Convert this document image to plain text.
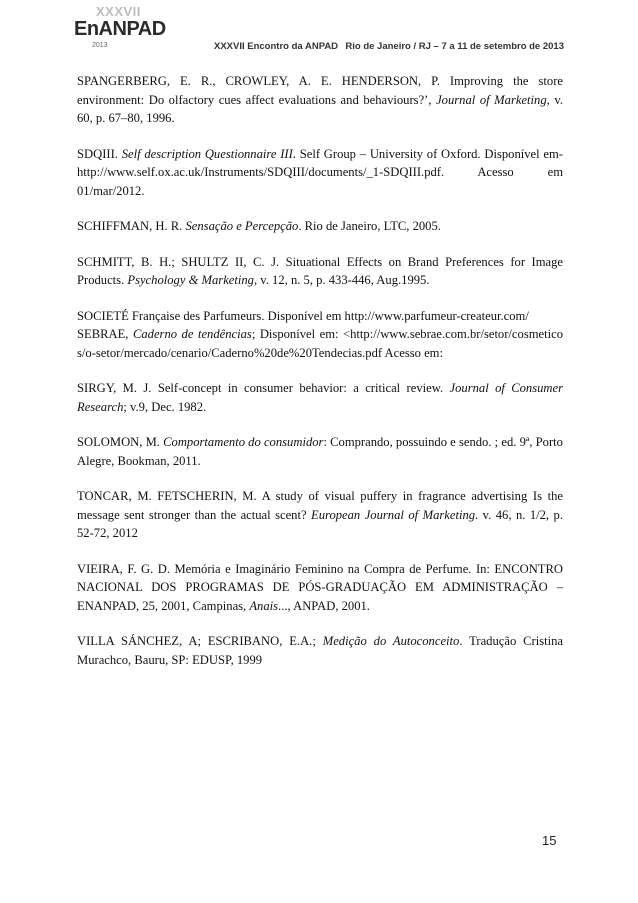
XXXVII
EnANPAD
2013	XXXVII Encontro da ANPAD Rio de Janeiro / RJ – 7 a 11 de setembro de 2013

SPANGERBERG, E. R., CROWLEY, A. E. HENDERSON, P. Improving the store environment: Do olfactory cues affect evaluations and behaviours?’, Journal of Marketing, v. 60, p. 67–80, 1996.

SDQIII. Self description Questionnaire III. Self Group – University of Oxford. Disponível em- http://www.self.ox.ac.uk/Instruments/SDQIII/documents/_1-SDQIII.pdf. Acesso em 01/mar/2012.

SCHIFFMAN, H. R. Sensação e Percepção. Rio de Janeiro, LTC, 2005.

SCHMITT, B. H.; SHULTZ II, C. J. Situational Effects on Brand Preferences for Image Products. Psychology & Marketing, v. 12, n. 5, p. 433-446, Aug.1995.

SOCIETÉ Française des Parfumeurs. Disponível em http://www.parfumeur-createur.com/
SEBRAE, Caderno de tendências; Disponível em: <http://www.sebrae.com.br/setor/cosmeticos/o-setor/mercado/cenario/Caderno%20de%20Tendecias.pdf Acesso em:

SIRGY, M. J. Self-concept in consumer behavior: a critical review. Journal of Consumer Research; v.9, Dec. 1982.

SOLOMON, M. Comportamento do consumidor: Comprando, possuindo e sendo. ; ed. 9ª, Porto Alegre, Bookman, 2011.

TONCAR, M. FETSCHERIN, M. A study of visual puffery in fragrance advertising Is the message sent stronger than the actual scent? European Journal of Marketing. v. 46, n. 1/2, p. 52-72, 2012

VIEIRA, F. G. D. Memória e Imaginário Feminino na Compra de Perfume. In: ENCONTRO NACIONAL DOS PROGRAMAS DE PÓS-GRADUAÇÃO EM ADMINISTRAÇÃO – ENANPAD, 25, 2001, Campinas, Anais..., ANPAD, 2001.

VILLA SÁNCHEZ, A; ESCRIBANO, E.A.; Medição do Autoconceito. Tradução Cristina Murachco, Bauru, SP: EDUSP, 1999

15
